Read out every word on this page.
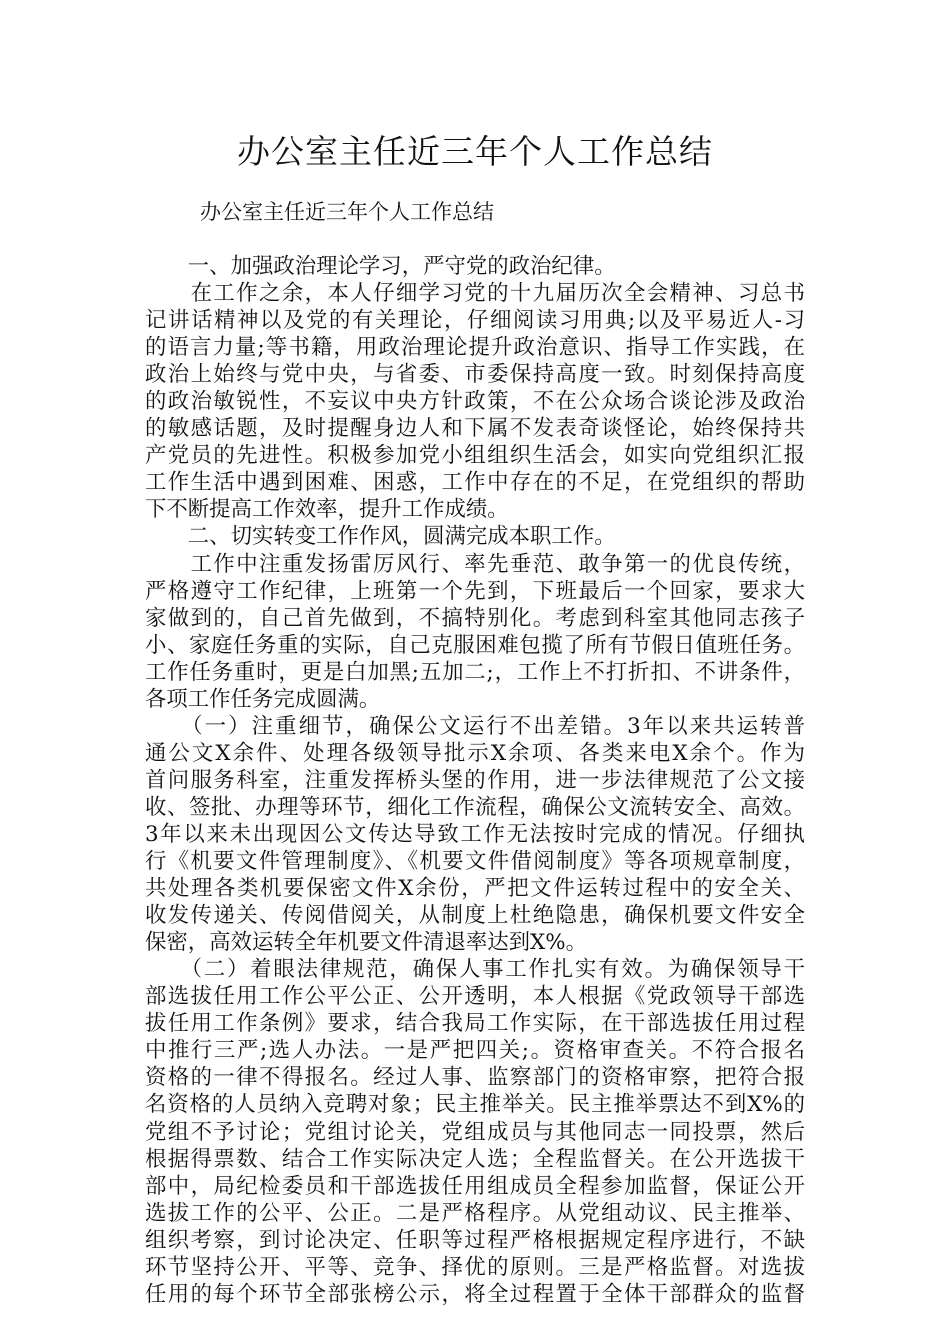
办公室主任近三年个人工作总结

办公室主任近三年个人工作总结

　　一、加强政治理论学习，严守党的政治纪律。
　　在工作之余，本人仔细学习党的十九届历次全会精神、习总书
记讲话精神以及党的有关理论，仔细阅读习用典;以及平易近人-习
的语言力量;等书籍，用政治理论提升政治意识、指导工作实践，在
政治上始终与党中央，与省委、市委保持高度一致。时刻保持高度
的政治敏锐性，不妄议中央方针政策，不在公众场合谈论涉及政治
的敏感话题，及时提醒身边人和下属不发表奇谈怪论，始终保持共
产党员的先进性。积极参加党小组组织生活会，如实向党组织汇报
工作生活中遇到困难、困惑，工作中存在的不足，在党组织的帮助
下不断提高工作效率，提升工作成绩。
　　二、切实转变工作作风，圆满完成本职工作。
　　工作中注重发扬雷厉风行、率先垂范、敢争第一的优良传统，
严格遵守工作纪律，上班第一个先到，下班最后一个回家，要求大
家做到的，自己首先做到，不搞特别化。考虑到科室其他同志孩子
小、家庭任务重的实际，自己克服困难包揽了所有节假日值班任务。
工作任务重时，更是白加黑;五加二;，工作上不打折扣、不讲条件，
各项工作任务完成圆满。
　　（一）注重细节，确保公文运行不出差错。3年以来共运转普
通公文X余件、处理各级领导批示X余项、各类来电X余个。作为
首问服务科室，注重发挥桥头堡的作用，进一步法律规范了公文接
收、签批、办理等环节，细化工作流程，确保公文流转安全、高效。
3年以来未出现因公文传达导致工作无法按时完成的情况。仔细执
行《机要文件管理制度》、《机要文件借阅制度》等各项规章制度，
共处理各类机要保密文件X余份，严把文件运转过程中的安全关、
收发传递关、传阅借阅关，从制度上杜绝隐患，确保机要文件安全
保密，高效运转全年机要文件清退率达到X%。
　　（二）着眼法律规范，确保人事工作扎实有效。为确保领导干
部选拔任用工作公平公正、公开透明，本人根据《党政领导干部选
拔任用工作条例》要求，结合我局工作实际，在干部选拔任用过程
中推行三严;选人办法。一是严把四关;。资格审查关。不符合报名
资格的一律不得报名。经过人事、监察部门的资格审察，把符合报
名资格的人员纳入竞聘对象；民主推举关。民主推举票达不到X%的
党组不予讨论；党组讨论关，党组成员与其他同志一同投票，然后
根据得票数、结合工作实际决定人选；全程监督关。在公开选拔干
部中，局纪检委员和干部选拔任用组成员全程参加监督，保证公开
选拔工作的公平、公正。二是严格程序。从党组动议、民主推举、
组织考察，到讨论决定、任职等过程严格根据规定程序进行，不缺
环节坚持公开、平等、竞争、择优的原则。三是严格监督。对选拔
任用的每个环节全部张榜公示，将全过程置于全体干部群众的监督
